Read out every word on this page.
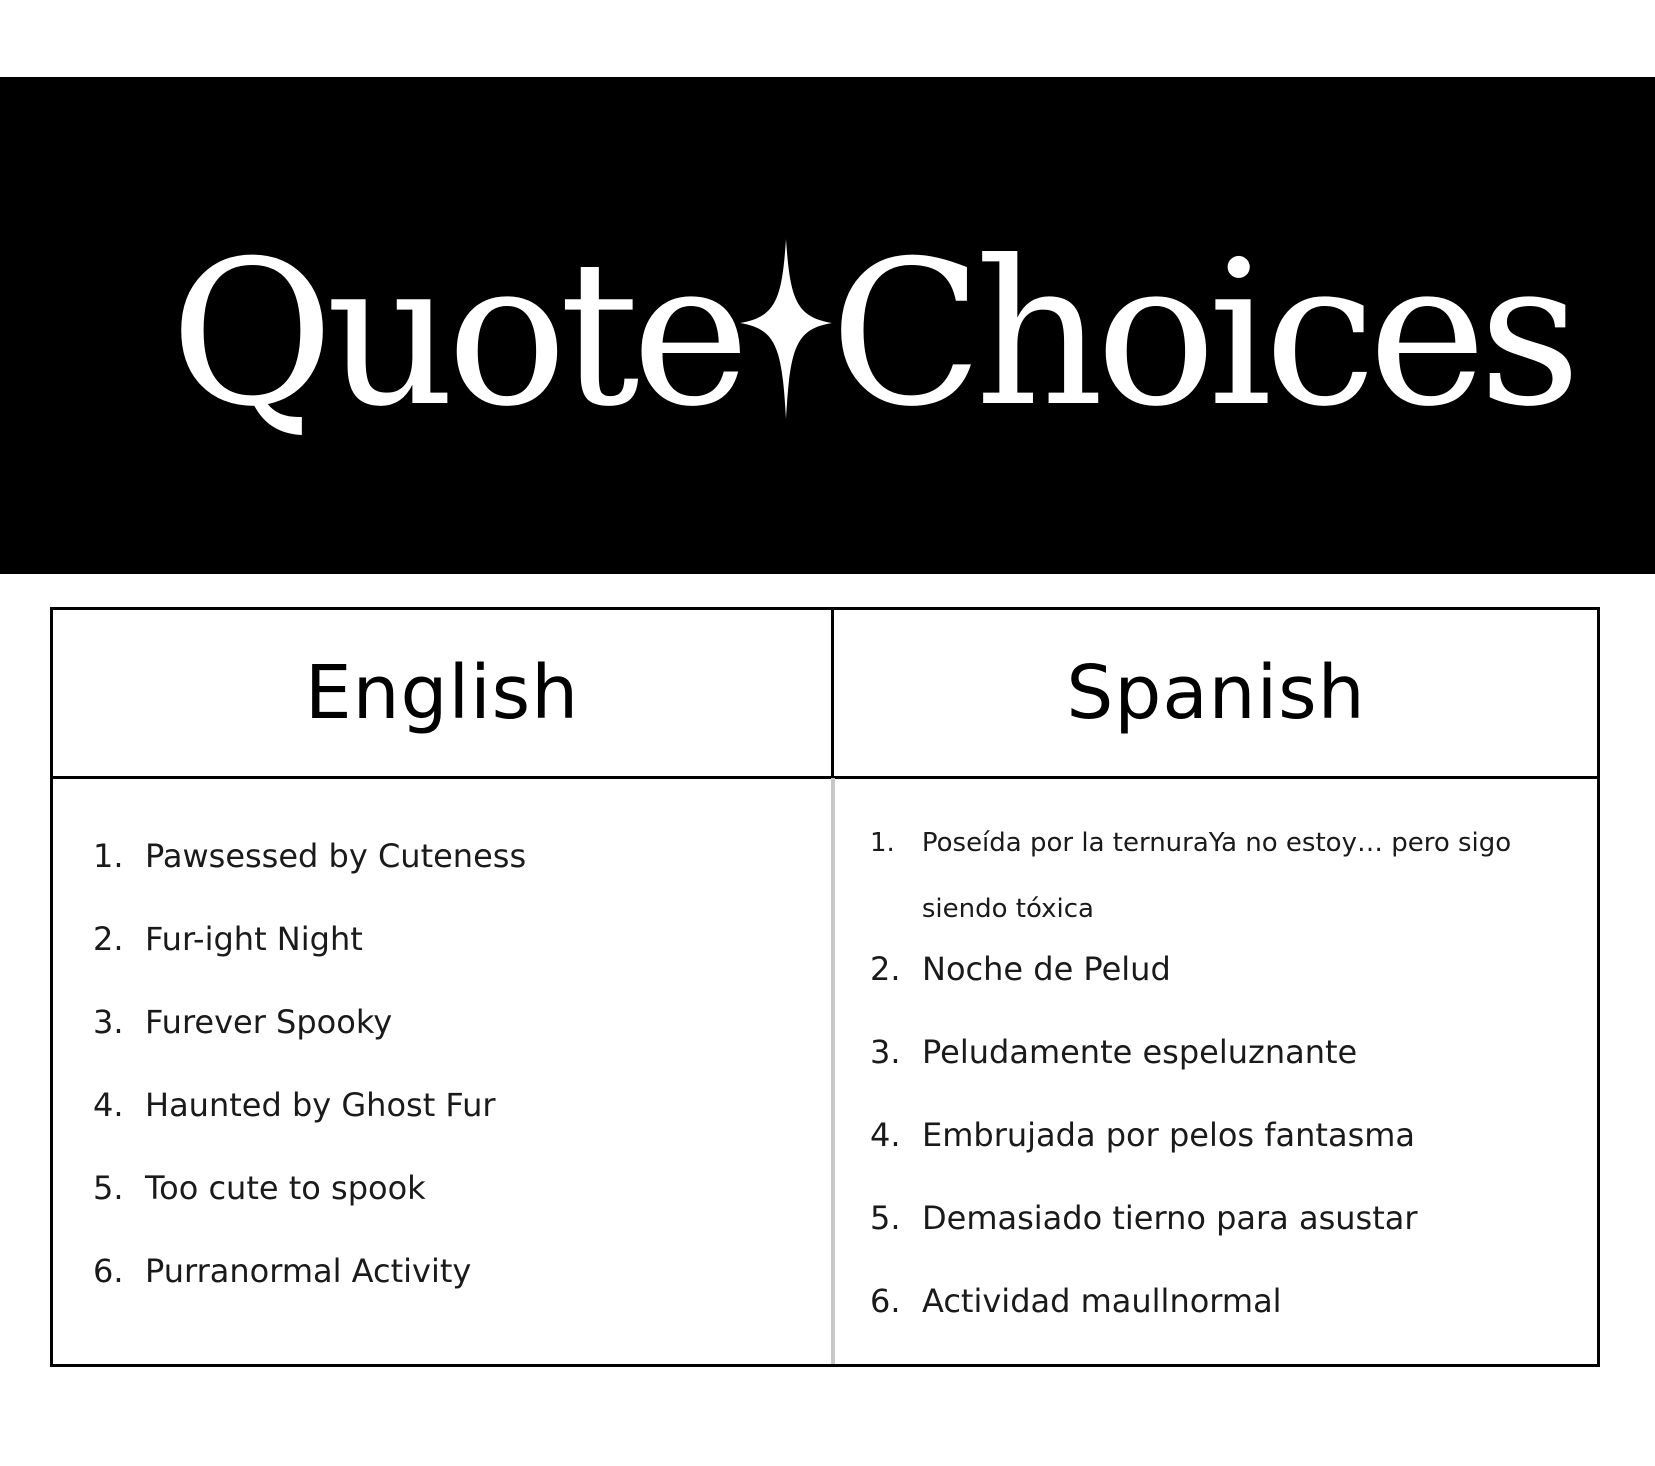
Quote Choices
English	Spanish
1. Pawsessed by Cuteness
2. Fur-ight Night
3. Furever Spooky
4. Haunted by Ghost Fur
5. Too cute to spook
6. Purranormal Activity
1.	Poseída por la ternuraYa no estoy… pero sigo siendo tóxica
2. Noche de Pelud
3. Peludamente espeluznante
4. Embrujada por pelos fantasma
5. Demasiado tierno para asustar
6. Actividad maullnormal
